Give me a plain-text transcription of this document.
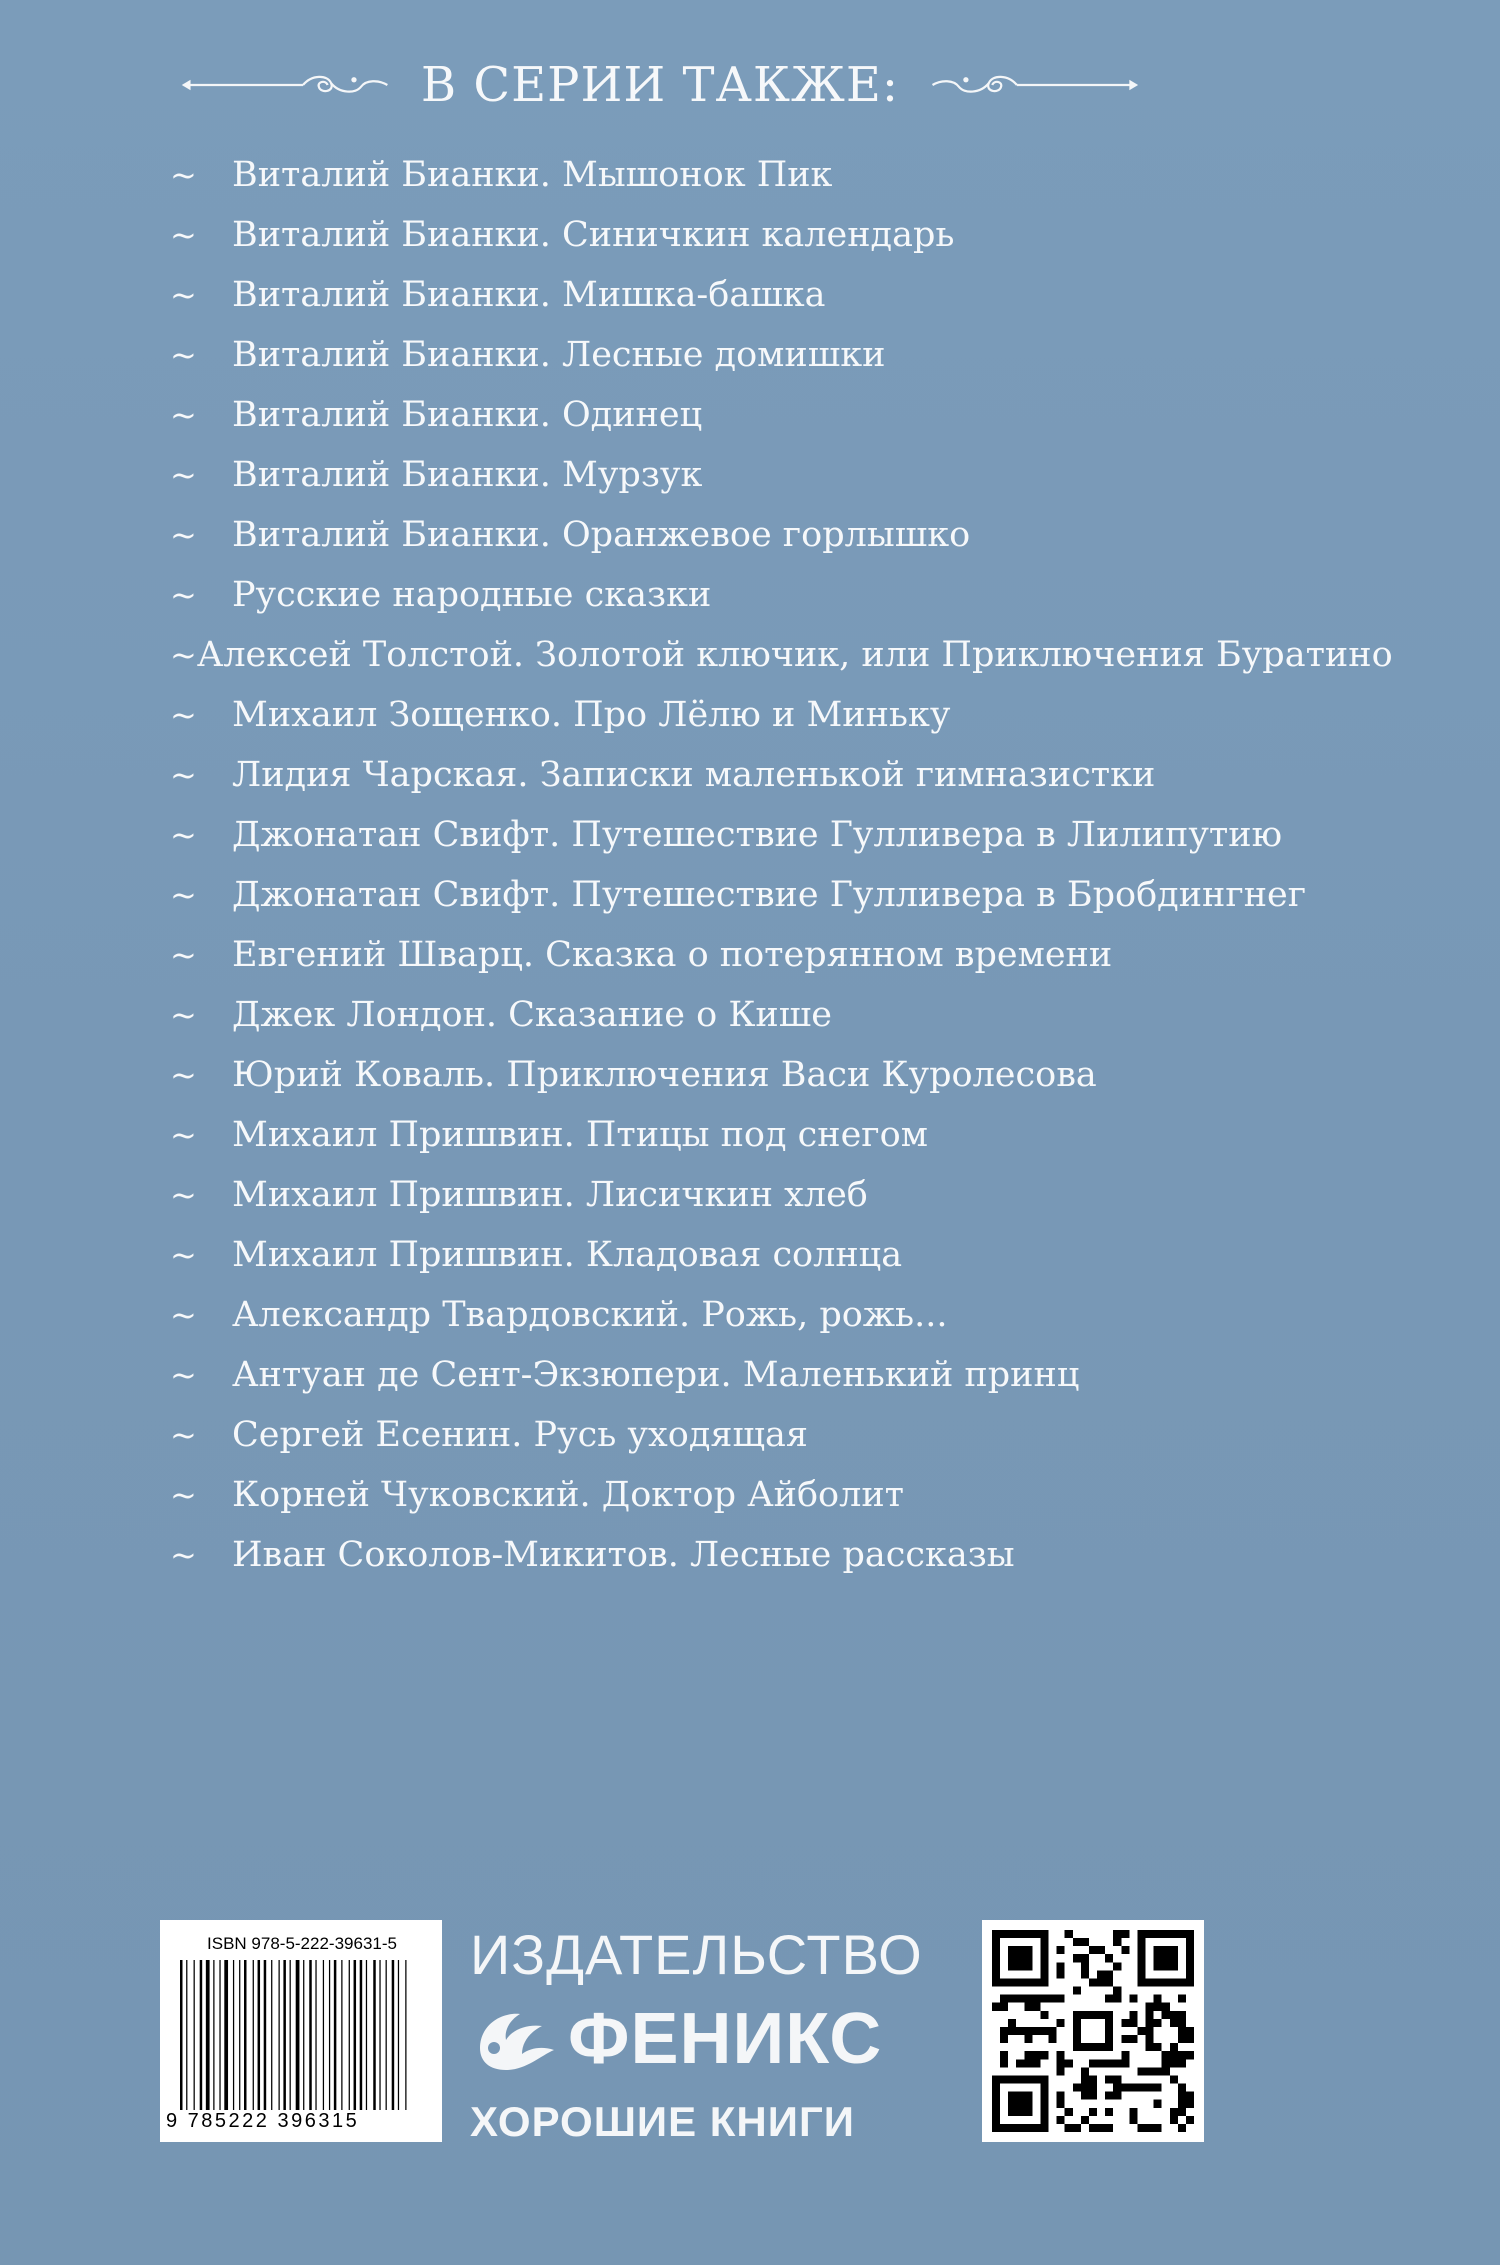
В СЕРИИ ТАКЖЕ:
~	Виталий Бианки. Мышонок Пик
~	Виталий Бианки. Синичкин календарь
~	Виталий Бианки. Мишка-башка
~	Виталий Бианки. Лесные домишки
~	Виталий Бианки. Одинец
~	Виталий Бианки. Мурзук
~	Виталий Бианки. Оранжевое горлышко
~	Русские народные сказки
~ Алексей Толстой. Золотой ключик, или Приключения Буратино
~	Михаил Зощенко. Про Лёлю и Миньку
~	Лидия Чарская. Записки маленькой гимназистки
~	Джонатан Свифт. Путешествие Гулливера в Лилипутию
~	Джонатан Свифт. Путешествие Гулливера в Бробдингнег
~	Евгений Шварц. Сказка о потерянном времени
~	Джек Лондон. Сказание о Кише
~	Юрий Коваль. Приключения Васи Куролесова
~	Михаил Пришвин. Птицы под снегом
~	Михаил Пришвин. Лисичкин хлеб
~	Михаил Пришвин. Кладовая солнца
~	Александр Твардовский. Рожь, рожь...
~	Антуан де Сент-Экзюпери. Маленький принц
~	Сергей Есенин. Русь уходящая
~	Корней Чуковский. Доктор Айболит
~	Иван Соколов-Микитов. Лесные рассказы
ISBN 978-5-222-39631-5
9 785222 396315
ИЗДАТЕЛЬСТВО
ФЕНИКС
ХОРОШИЕ КНИГИ
